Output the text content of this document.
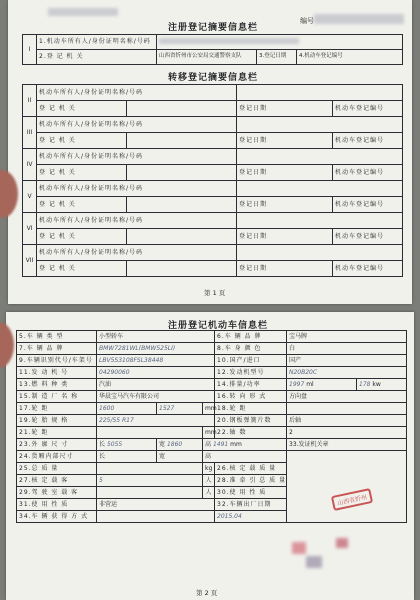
注册登记摘要信息栏
编号
I	1.机动车所有人/身份证明名称/号码			
	2.登 记 机 关	山西省忻州市公安局交通警察支队	3.登记日期	4.机动车登记编号
转移登记摘要信息栏
II	机动车所有人/身份证明名称/号码			
	登 记 机 关		登记日期	机动车登记编号
III	机动车所有人/身份证明名称/号码			
	登 记 机 关		登记日期	机动车登记编号
IV	机动车所有人/身份证明名称/号码			
	登 记 机 关		登记日期	机动车登记编号
V	机动车所有人/身份证明名称/号码			
	登 记 机 关		登记日期	机动车登记编号
VI	机动车所有人/身份证明名称/号码			
	登 记 机 关		登记日期	机动车登记编号
VII	机动车所有人/身份证明名称/号码			
	登 记 机 关		登记日期	机动车登记编号
第 1 页
注册登记机动车信息栏
5.车 辆 类 型	小型轿车			6.车 辆 品 牌	宝马牌	
7.车 辆 品 牌	BMW7281WL(BMW525LI)			8.车 身 颜 色	白	
9.车辆识别代号/车架号	LBV5S3108FSL38448			10.国产/进口	国产	
11.发 动 机 号	04290060			12.发动机型号	N20B20C	
13.燃 料 种 类	汽油			14.排量/功率	1997 ml	178 kw
15.制 造 厂 名 称	华晨宝马汽车有限公司			16.转 向 形 式	方向盘	
17.轮 距	1600	1527	mm	18.轮 距		
19.轮 胎 规 格	225/55 R17			20.钢板弹簧片数	后轴	
21.轮 距			mm	22.轴 数	2	
23.外 廓 尺 寸	长 5055	宽 1860	高 1491 mm		33.发证机关章	
24.货厢内部尺寸	长	宽	高			
25.总 质 量			kg	26.核 定 载 质 量		
27.核 定 载 客	5		人	28.准 牵 引 总 质 量		
29.驾 驶 室 载 客			人	30.使 用 性 质		
31.使 用 性 质	非营运			32.车辆出厂日期		
34.车 辆 获 得 方 式				2015.04		
山西省忻州
第 2 页
